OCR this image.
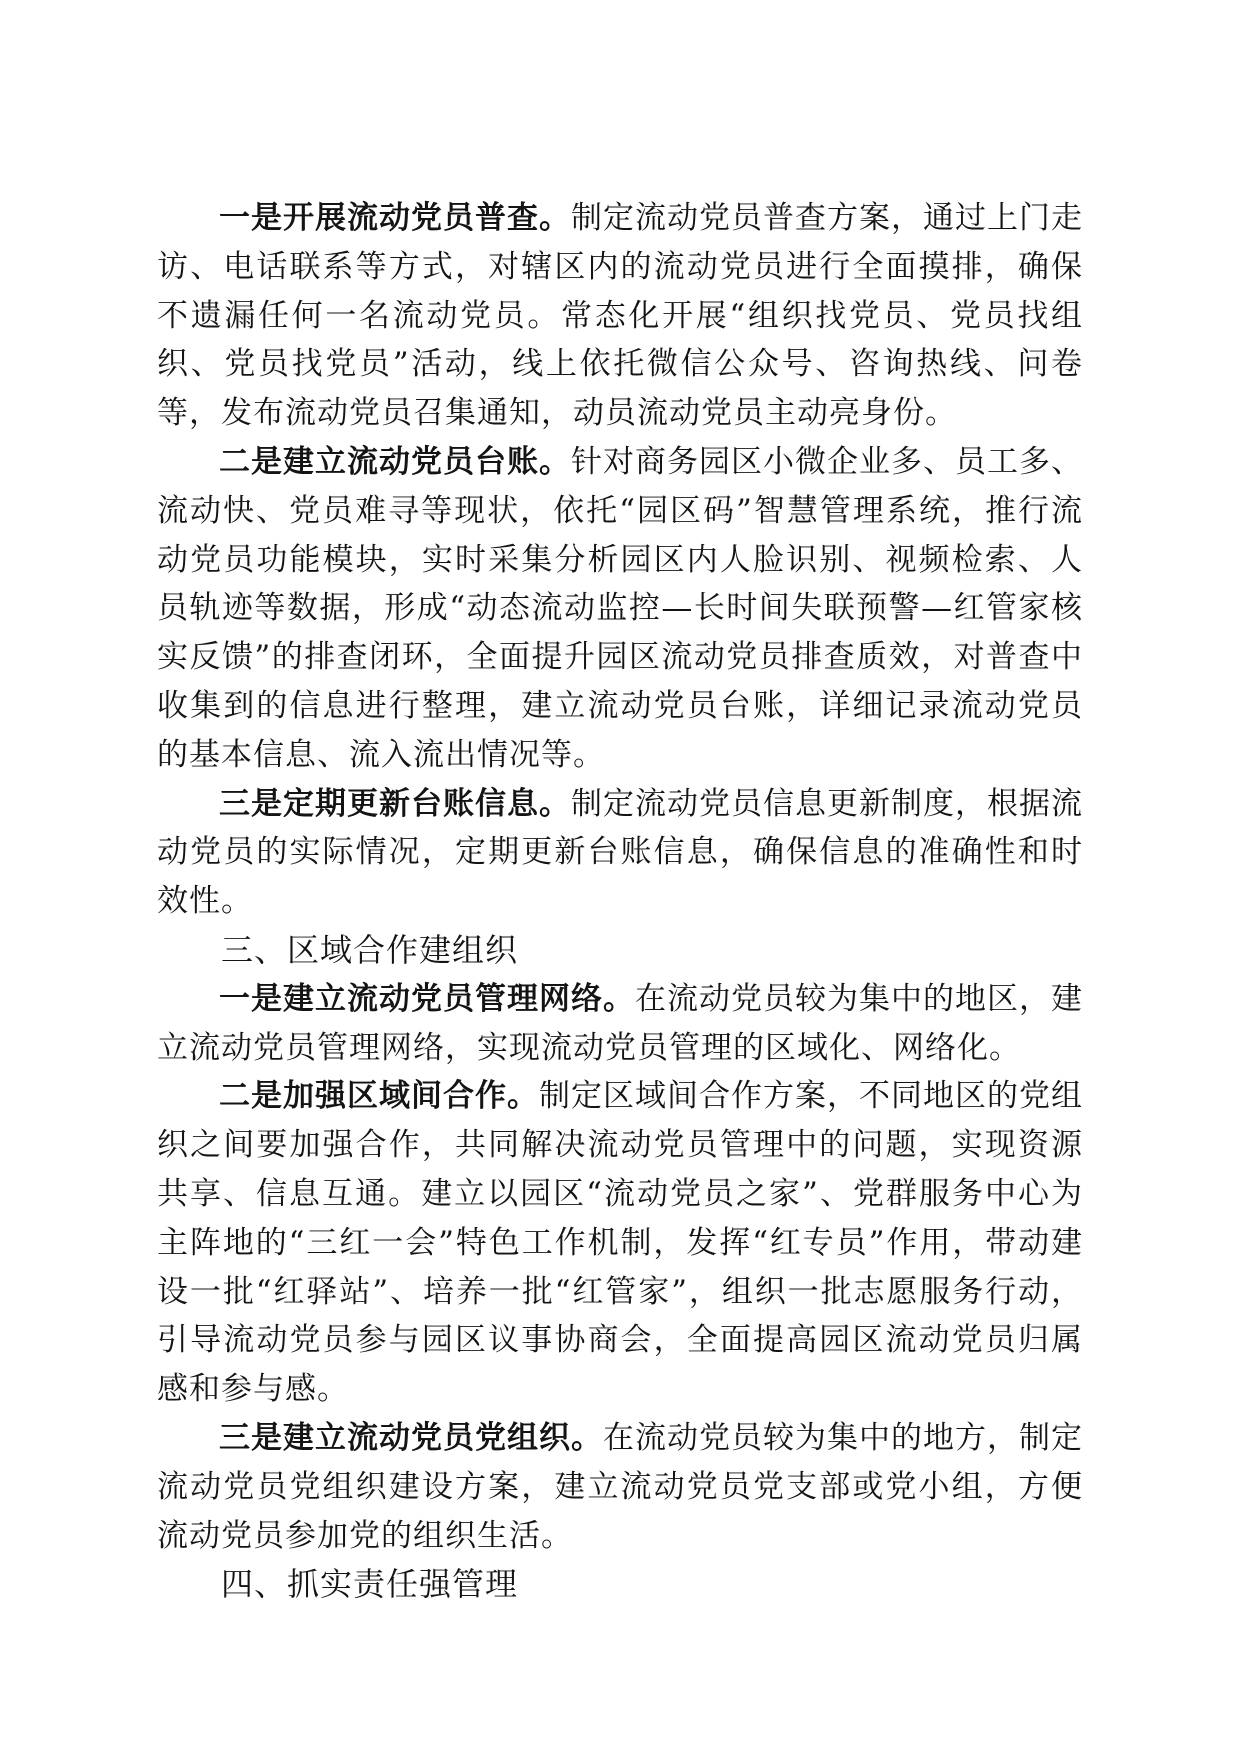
一是开展流动党员普查。制定流动党员普查方案，通过上门走访、电话联系等方式，对辖区内的流动党员进行全面摸排，确保不遗漏任何一名流动党员。常态化开展“组织找党员、党员找组织、党员找党员”活动，线上依托微信公众号、咨询热线、问卷等，发布流动党员召集通知，动员流动党员主动亮身份。

二是建立流动党员台账。针对商务园区小微企业多、员工多、流动快、党员难寻等现状，依托“园区码”智慧管理系统，推行流动党员功能模块，实时采集分析园区内人脸识别、视频检索、人员轨迹等数据，形成“动态流动监控—长时间失联预警—红管家核实反馈”的排查闭环，全面提升园区流动党员排查质效，对普查中收集到的信息进行整理，建立流动党员台账，详细记录流动党员的基本信息、流入流出情况等。

三是定期更新台账信息。制定流动党员信息更新制度，根据流动党员的实际情况，定期更新台账信息，确保信息的准确性和时效性。

三、区域合作建组织

一是建立流动党员管理网络。在流动党员较为集中的地区，建立流动党员管理网络，实现流动党员管理的区域化、网络化。

二是加强区域间合作。制定区域间合作方案，不同地区的党组织之间要加强合作，共同解决流动党员管理中的问题，实现资源共享、信息互通。建立以园区“流动党员之家”、党群服务中心为主阵地的“三红一会”特色工作机制，发挥“红专员”作用，带动建设一批“红驿站”、培养一批“红管家”，组织一批志愿服务行动，引导流动党员参与园区议事协商会，全面提高园区流动党员归属感和参与感。

三是建立流动党员党组织。在流动党员较为集中的地方，制定流动党员党组织建设方案，建立流动党员党支部或党小组，方便流动党员参加党的组织生活。

四、抓实责任强管理
